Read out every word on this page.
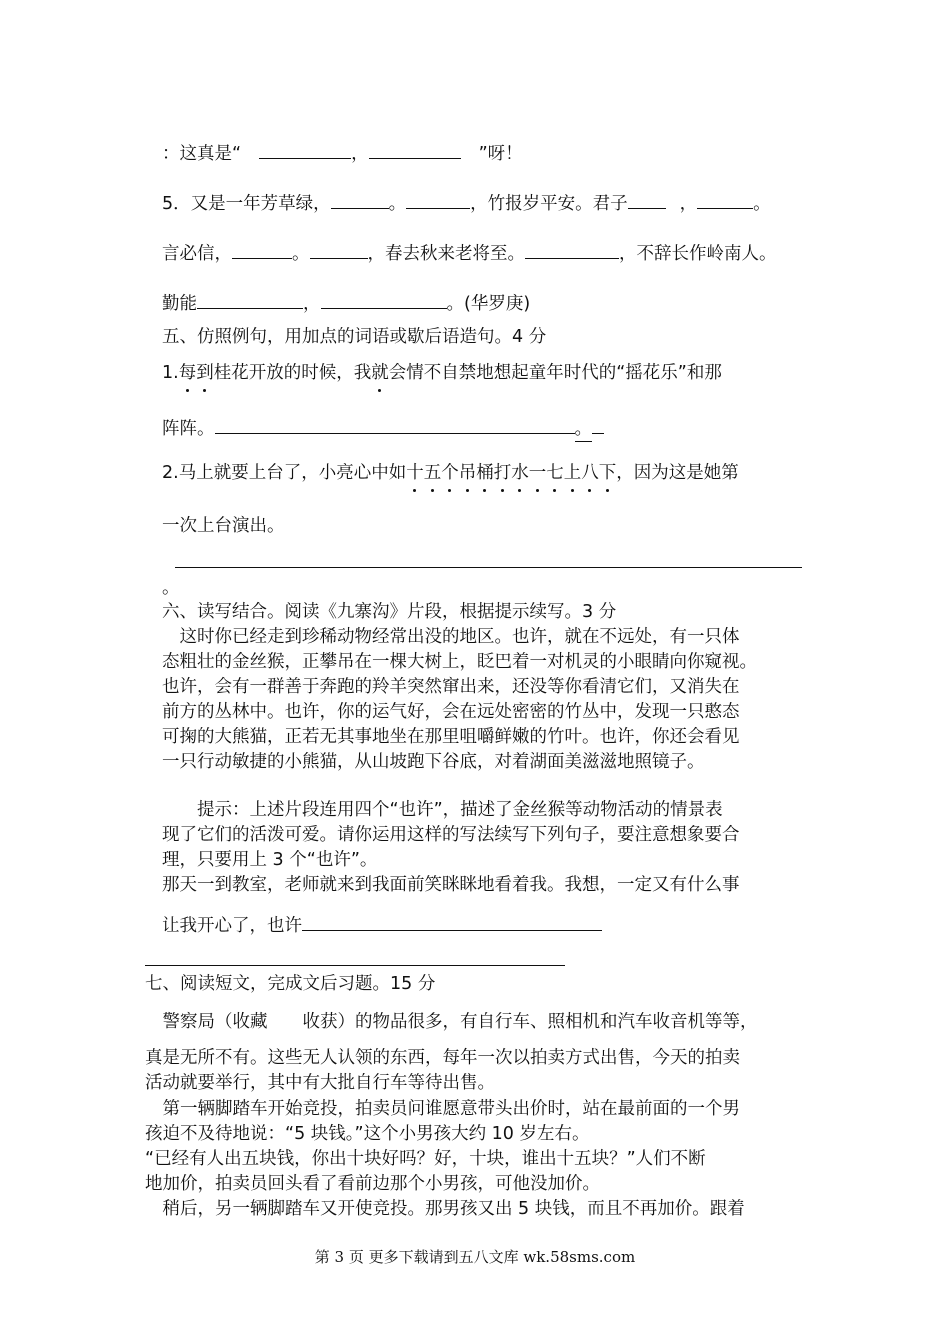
：这真是“	，	”呀！
5．又是一年芳草绿，	。	，竹报岁平安。君子	，	。
言必信，	。	，春去秋来老将至。	，不辞长作岭南人。
勤能	，	。(华罗庚)
五、仿照例句，用加点的词语或歇后语造句。4 分
1.每到桂花开放的时候，我就会情不自禁地想起童年时代的“摇花乐”和那
阵阵。	。
2.马上就要上台了，小亮心中如十五个吊桶打水一七上八下，因为这是她第
一次上台演出。
。
六、读写结合。阅读《九寨沟》片段，根据提示续写。3 分
　这时你已经走到珍稀动物经常出没的地区。也许，就在不远处，有一只体
态粗壮的金丝猴，正攀吊在一棵大树上，眨巴着一对机灵的小眼睛向你窥视。
也许，会有一群善于奔跑的羚羊突然窜出来，还没等你看清它们，又消失在
前方的丛林中。也许，你的运气好，会在远处密密的竹丛中，发现一只憨态
可掬的大熊猫，正若无其事地坐在那里咀嚼鲜嫩的竹叶。也许，你还会看见
一只行动敏捷的小熊猫，从山坡跑下谷底，对着湖面美滋滋地照镜子。
　　提示：上述片段连用四个“也许”，描述了金丝猴等动物活动的情景表
现了它们的活泼可爱。请你运用这样的写法续写下列句子，要注意想象要合
理，只要用上 3 个“也许”。
那天一到教室，老师就来到我面前笑眯眯地看着我。我想，一定又有什么事
让我开心了，也许
七、阅读短文，完成文后习题。15 分
　警察局（收藏　　收获）的物品很多，有自行车、照相机和汽车收音机等等，
真是无所不有。这些无人认领的东西，每年一次以拍卖方式出售，今天的拍卖
活动就要举行，其中有大批自行车等待出售。
　第一辆脚踏车开始竞投，拍卖员问谁愿意带头出价时，站在最前面的一个男
孩迫不及待地说：“5 块钱。”这个小男孩大约 10 岁左右。
“已经有人出五块钱，你出十块好吗？好，十块，谁出十五块？”人们不断
地加价，拍卖员回头看了看前边那个小男孩，可他没加价。
　稍后，另一辆脚踏车又开使竞投。那男孩又出 5 块钱，而且不再加价。跟着
第 3 页 更多下载请到五八文库 wk.58sms.com
